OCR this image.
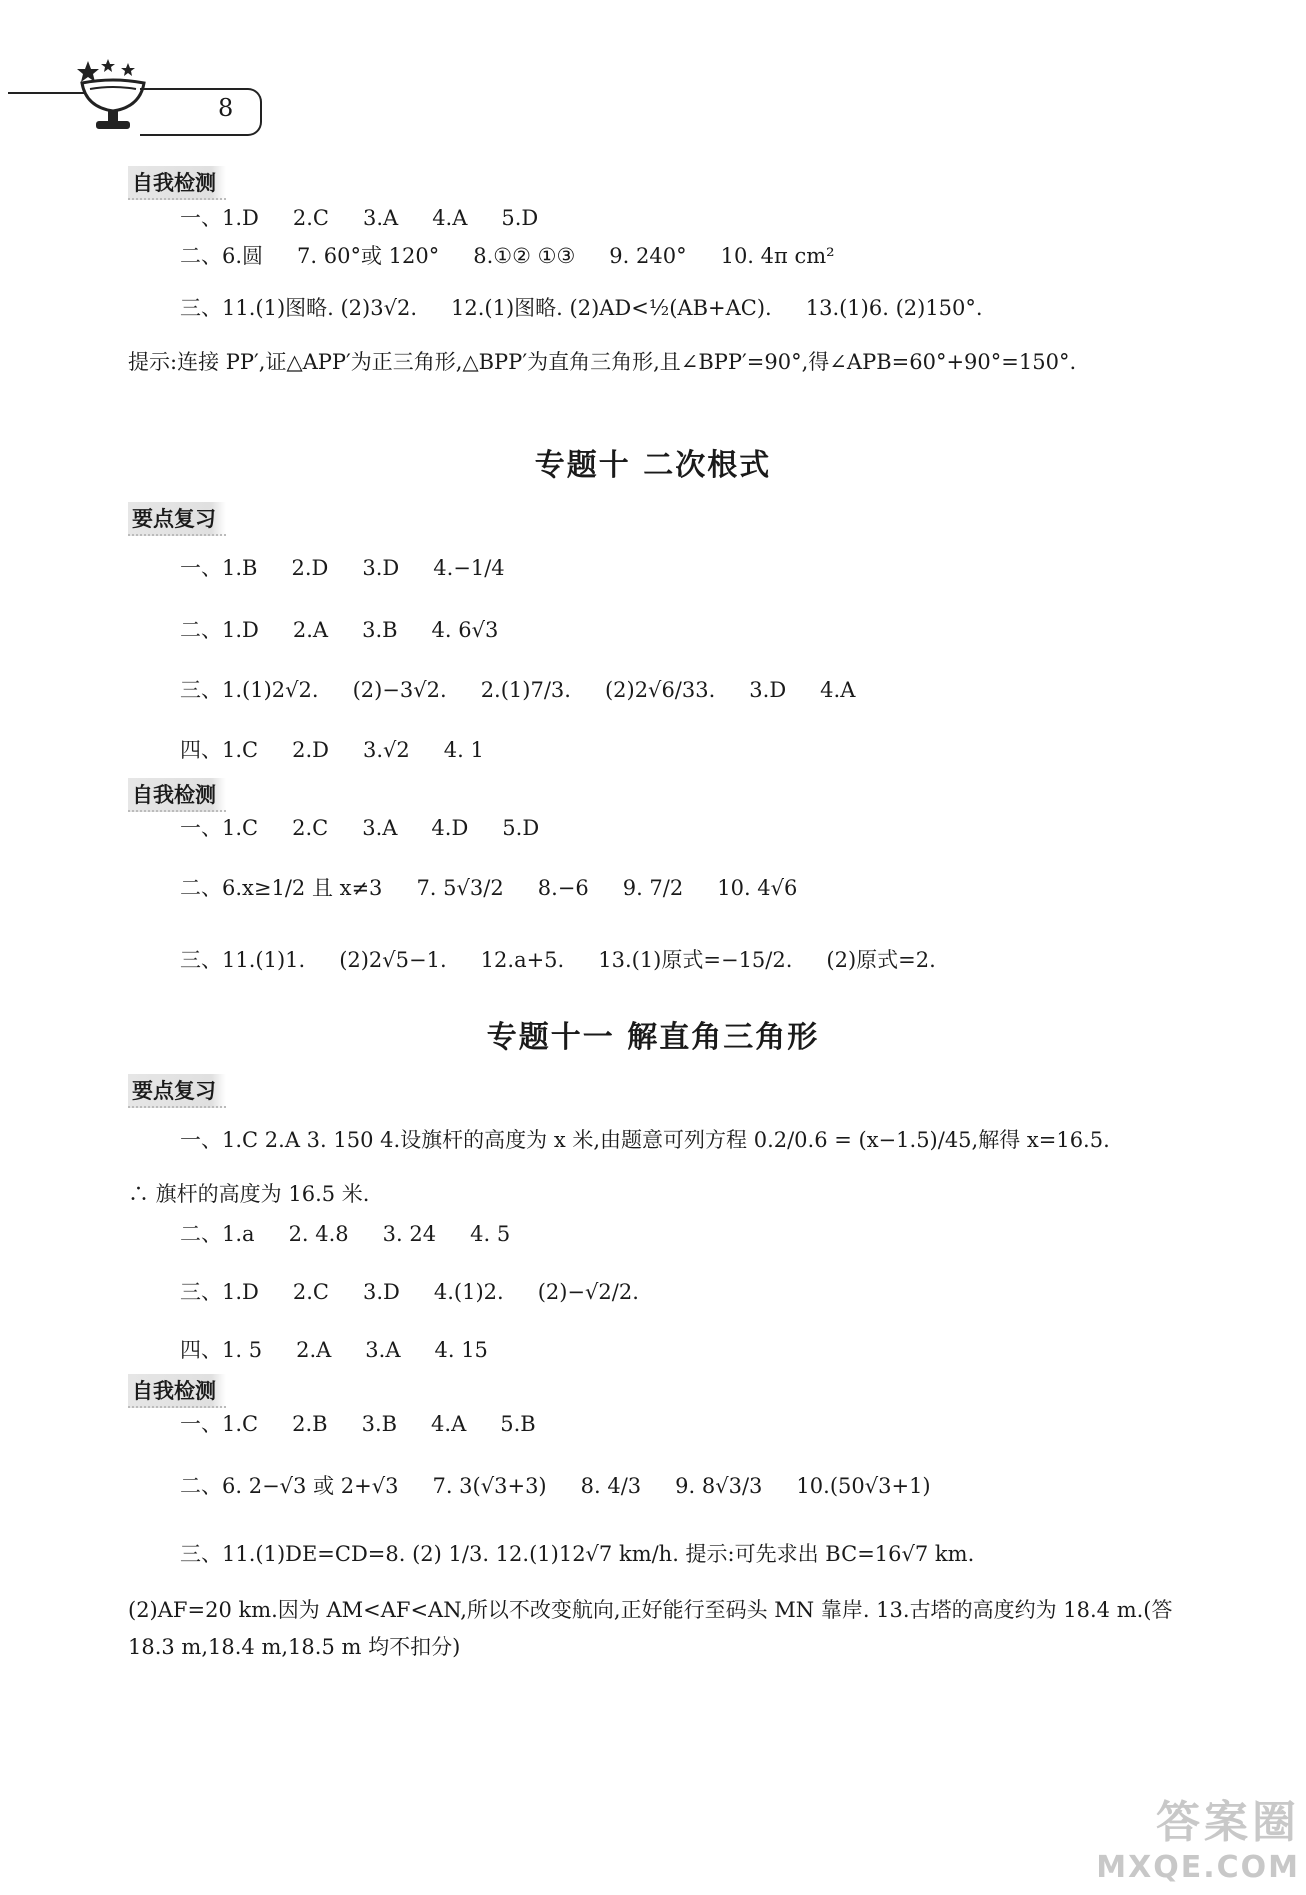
8
自我检测
一、1.D 2.C 3.A 4.A 5.D
二、6.圆 7. 60°或 120° 8.①② ①③ 9. 240° 10. 4π cm²
三、11.(1)图略. (2)3√2. 12.(1)图略. (2)AD<½(AB+AC). 13.(1)6. (2)150°.
提示:连接 PP′,证△APP′为正三角形,△BPP′为直角三角形,且∠BPP′=90°,得∠APB=60°+90°=150°.
专题十 二次根式
要点复习
一、1.B 2.D 3.D 4.−1/4
二、1.D 2.A 3.B 4. 6√3
三、1.(1)2√2. (2)−3√2. 2.(1)7/3. (2)2√6/33. 3.D 4.A
四、1.C 2.D 3.√2 4. 1
自我检测
一、1.C 2.C 3.A 4.D 5.D
二、6.x≥1/2 且 x≠3 7. 5√3/2 8.−6 9. 7/2 10. 4√6
三、11.(1)1. (2)2√5−1. 12.a+5. 13.(1)原式=−15/2. (2)原式=2.
专题十一 解直角三角形
要点复习
一、1.C 2.A 3. 150 4.设旗杆的高度为 x 米,由题意可列方程 0.2/0.6 = (x−1.5)/45,解得 x=16.5.
∴ 旗杆的高度为 16.5 米.
二、1.a 2. 4.8 3. 24 4. 5
三、1.D 2.C 3.D 4.(1)2. (2)−√2/2.
四、1. 5 2.A 3.A 4. 15
自我检测
一、1.C 2.B 3.B 4.A 5.B
二、6. 2−√3 或 2+√3 7. 3(√3+3) 8. 4/3 9. 8√3/3 10.(50√3+1)
三、11.(1)DE=CD=8. (2) 1/3. 12.(1)12√7 km/h. 提示:可先求出 BC=16√7 km.
(2)AF=20 km.因为 AM<AF<AN,所以不改变航向,正好能行至码头 MN 靠岸. 13.古塔的高度约为 18.4 m.(答 18.3 m,18.4 m,18.5 m 均不扣分)
答案圈
MXQE.COM
